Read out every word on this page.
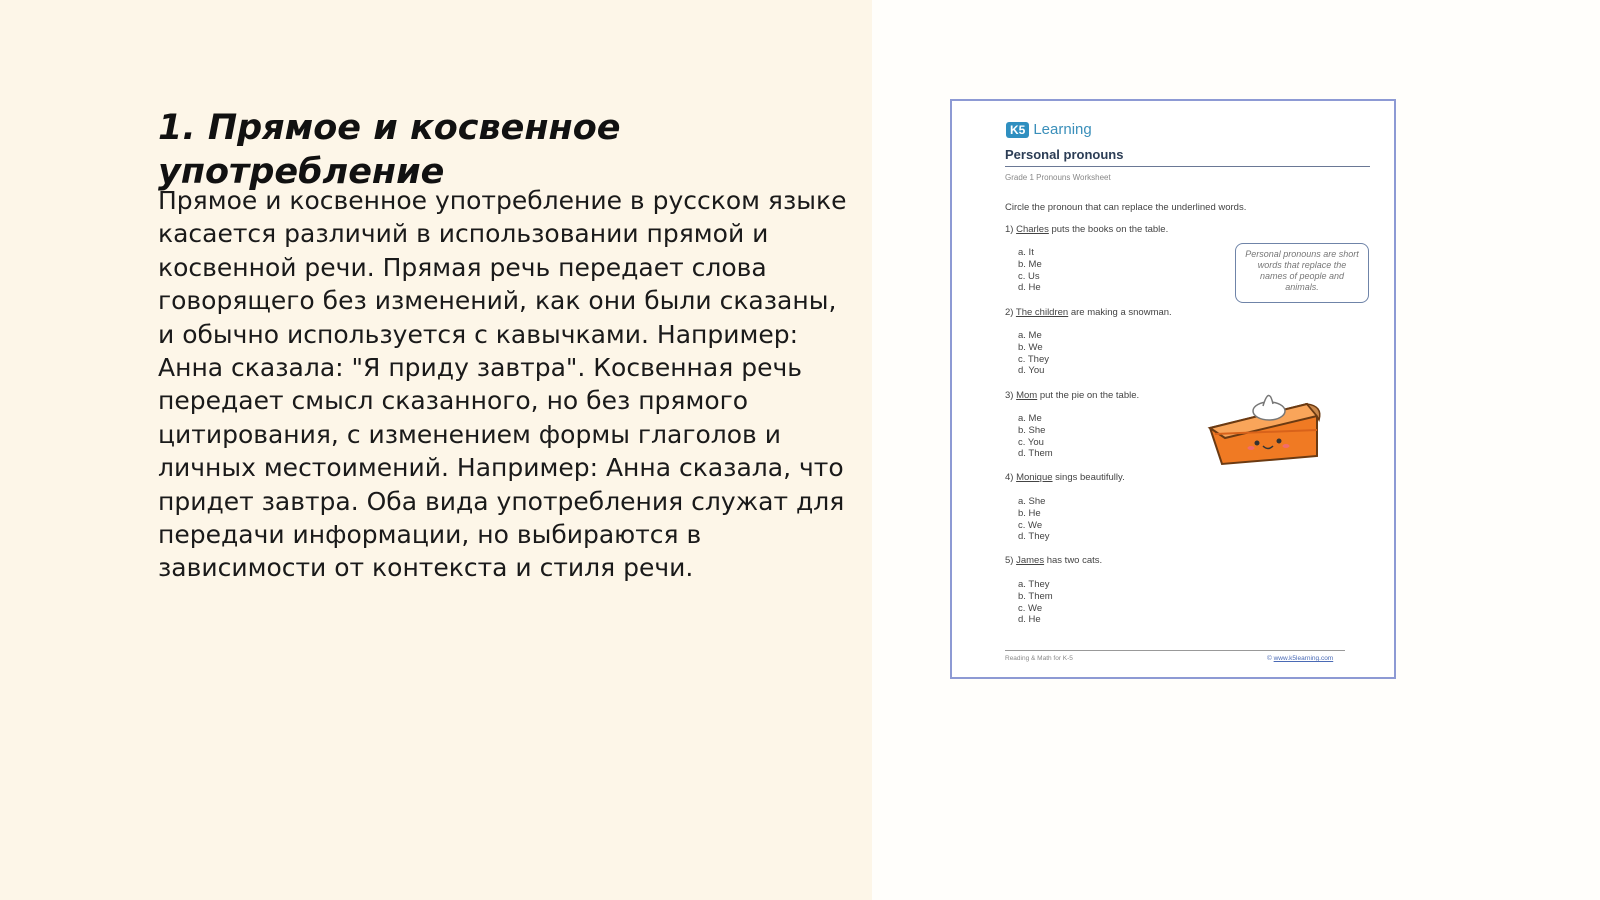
1. Прямое и косвенное употребление

Прямое и косвенное употребление в русском языке касается различий в использовании прямой и косвенной речи. Прямая речь передает слова говорящего без изменений, как они были сказаны, и обычно используется с кавычками. Например: Анна сказала: "Я приду завтра". Косвенная речь передает смысл сказанного, но без прямого цитирования, с изменением формы глаголов и личных местоимений. Например: Анна сказала, что придет завтра. Оба вида употребления служат для передачи информации, но выбираются в зависимости от контекста и стиля речи.

K5 Learning
Personal pronouns
Grade 1 Pronouns Worksheet
Circle the pronoun that can replace the underlined words.
1) Charles puts the books on the table.
a. It
b. Me
c. Us
d. He
2) The children are making a snowman.
a. Me
b. We
c. They
d. You
3) Mom put the pie on the table.
a. Me
b. She
c. You
d. Them
4) Monique sings beautifully.
a. She
b. He
c. We
d. They
5) James has two cats.
a. They
b. Them
c. We
d. He
Personal pronouns are short words that replace the names of people and animals.
Reading & Math for K-5	© www.k5learning.com
